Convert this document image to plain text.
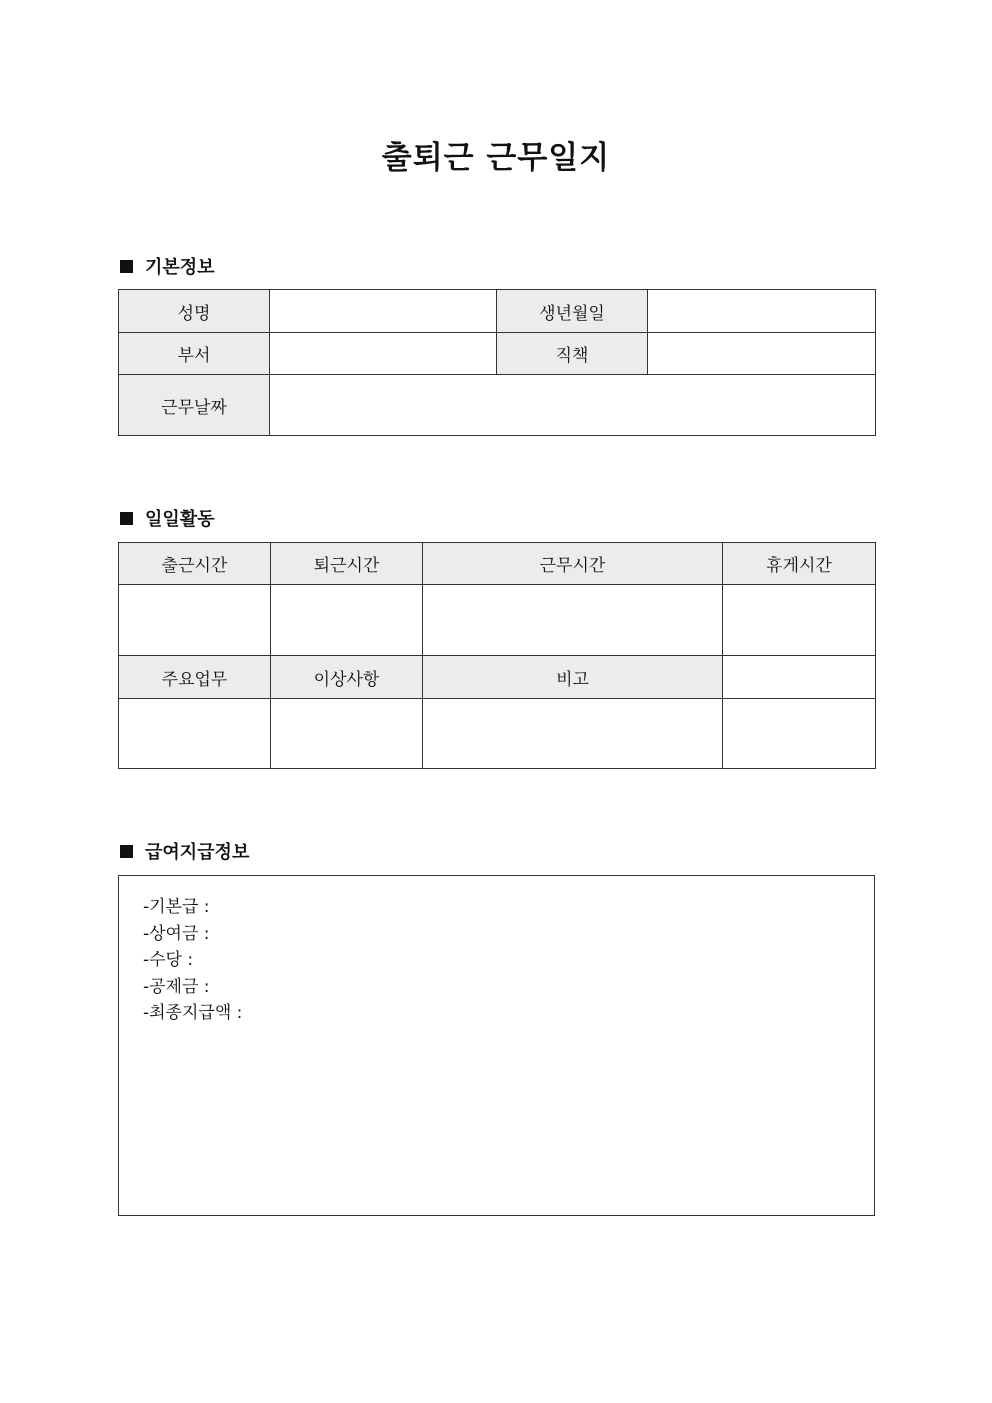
출퇴근 근무일지
기본정보
성명		생년월일	
부서		직책	
근무날짜			
일일활동
출근시간	퇴근시간	근무시간	휴게시간

주요업무	이상사항	비고	

급여지급정보
-기본급 :
-상여금 :
-수당 :
-공제금 :
-최종지급액 :
